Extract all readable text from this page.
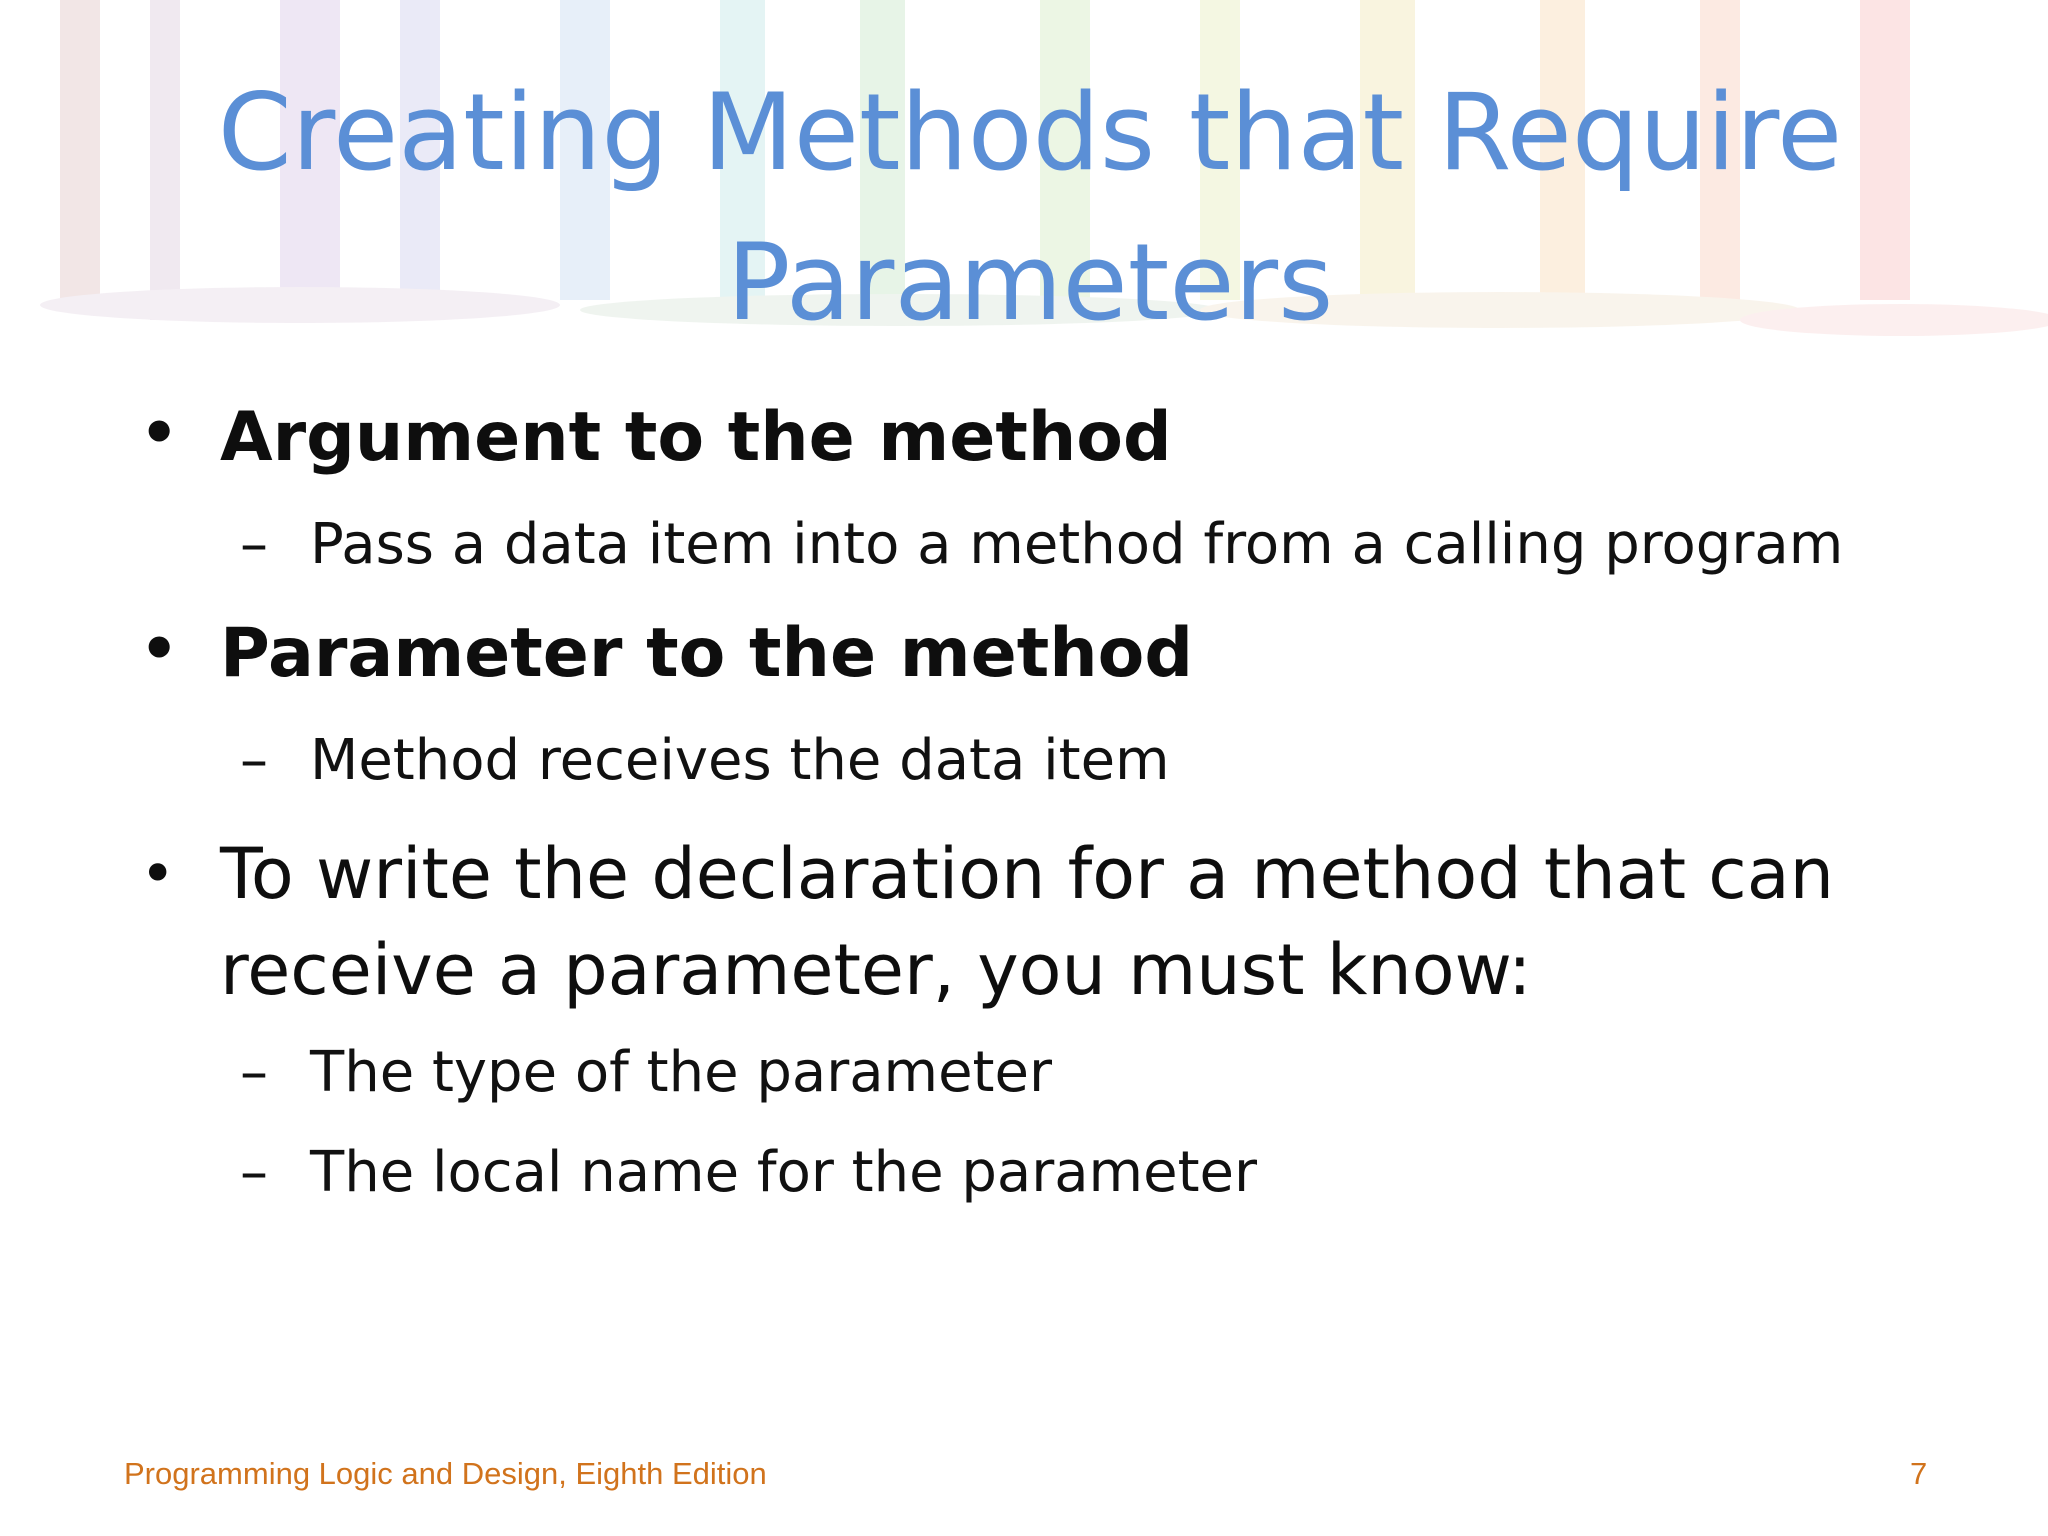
Creating Methods that Require
Parameters
• Argument to the method
– Pass a data item into a method from a calling program
• Parameter to the method
– Method receives the data item
• To write the declaration for a method that can
receive a parameter, you must know:
– The type of the parameter
– The local name for the parameter
Programming Logic and Design, Eighth Edition	7
